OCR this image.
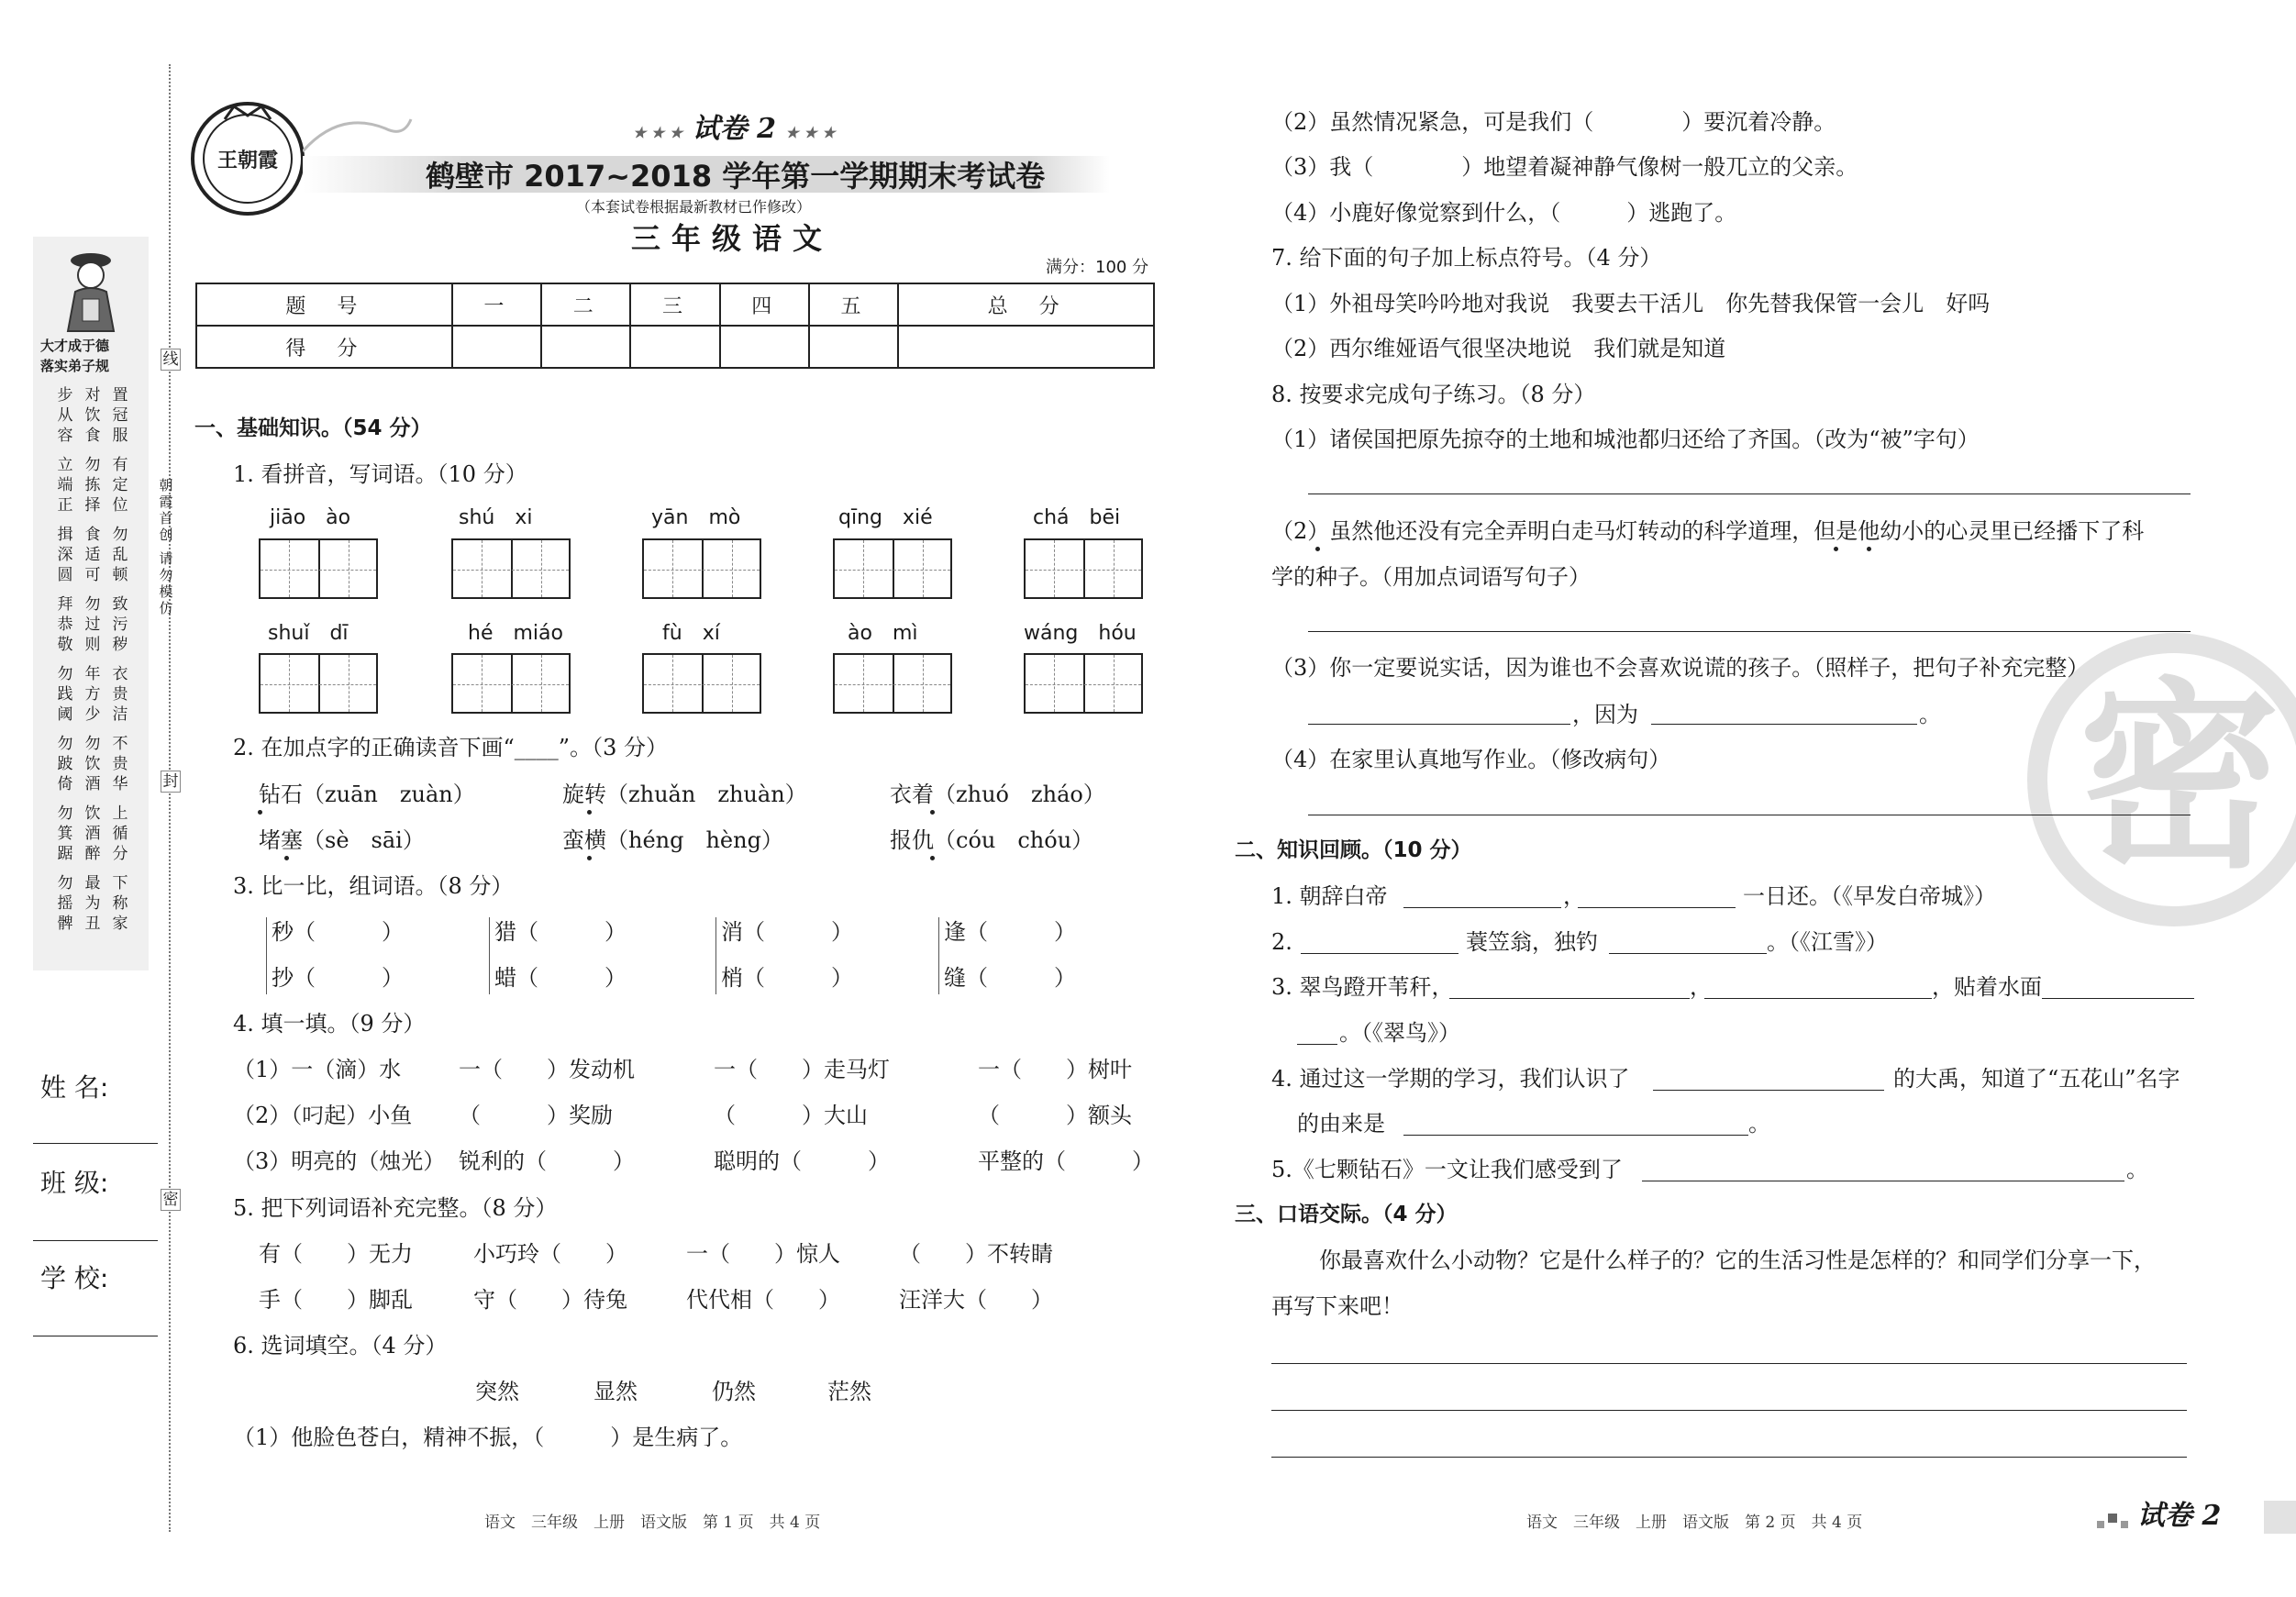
大才成于德
落实弟子规
步从容
对饮食
置冠服
立端正
勿拣择
有定位
揖深圆
食适可
勿乱顿
拜恭敬
勿过则
致污秽
勿践阈
年方少
衣贵洁
勿跛倚
勿饮酒
不贵华
勿箕踞
饮酒醉
上循分
勿摇髀
最为丑
下称家
姓 名:
班 级:
学 校:
线
朝霞首创
请勿模仿
封
密
王朝霞
★ ★ ★ 试卷 2 ★ ★ ★
鹤壁市 2017~2018 学年第一学期期末考试卷
（本套试卷根据最新教材已作修改）
三年级语文
满分：100 分
题　号	一	二	三	四	五	总　分
得　分						
一、基础知识。（54 分）
1. 看拼音，写词语。（10 分）
jiāo　ào	shú　xi	yān　mò	qīng　xié	chá　bēi
shuǐ　dī	hé　miáo	fù　xí	ào　mì	wáng　hóu
2. 在加点字的正确读音下画“____”。（3 分）
钻石（zuān　zuàn）	旋转（zhuǎn　zhuàn）	衣着（zhuó　zháo）
堵塞（sè　sāi）	蛮横（héng　hèng）	报仇（cóu　chóu）
3. 比一比，组词语。（8 分）
秒（　　　）	猎（　　　）	消（　　　）	逢（　　　）
抄（　　　）	蜡（　　　）	梢（　　　）	缝（　　　）
4. 填一填。（9 分）
（1）一（滴）水	一（　　）发动机	一（　　）走马灯	一（　　）树叶
（2）（叼起）小鱼 （　　　）奖励	（　　　）大山	（　　　）额头
（3）明亮的（烛光） 锐利的（　　　）	聪明的（　　　）	平整的（　　　）
5. 把下列词语补充完整。（8 分）
有（　　）无力	小巧玲（　　）	一（　　）惊人	（　　）不转睛
手（　　）脚乱	守（　　）待兔	代代相（　　）	汪洋大（　　）
6. 选词填空。（4 分）
突然	显然	仍然	茫然
（1）他脸色苍白，精神不振，（　　　）是生病了。
语文　三年级　上册　语文版　第 1 页　共 4 页
密
（2）虽然情况紧急，可是我们（　　　　）要沉着冷静。
（3）我（　　　　）地望着凝神静气像树一般兀立的父亲。
（4）小鹿好像觉察到什么，（　　　）逃跑了。
7. 给下面的句子加上标点符号。（4 分）
（1）外祖母笑吟吟地对我说　我要去干活儿　你先替我保管一会儿　好吗
（2）西尔维娅语气很坚决地说　我们就是知道
8. 按要求完成句子练习。（8 分）
（1）诸侯国把原先掠夺的土地和城池都归还给了齐国。（改为“被”字句）
（2）虽然他还没有完全弄明白走马灯转动的科学道理，但是他幼小的心灵里已经播下了科
学的种子。（用加点词语写句子）
（3）你一定要说实话，因为谁也不会喜欢说谎的孩子。（照样子，把句子补充完整）
，因为	。
（4）在家里认真地写作业。（修改病句）
二、知识回顾。（10 分）
1. 朝辞白帝	，	一日还。（《早发白帝城》）
2.	蓑笠翁，独钓	。（《江雪》）
3. 翠鸟蹬开苇秆，	，	，贴着水面
。（《翠鸟》）
4. 通过这一学期的学习，我们认识了	的大禹，知道了“五花山”名字
的由来是	。
5.《七颗钻石》一文让我们感受到了	。
三、口语交际。（4 分）
你最喜欢什么小动物？它是什么样子的？它的生活习性是怎样的？和同学们分享一下，
再写下来吧！
语文　三年级　上册　语文版　第 2 页　共 4 页	试卷 2
